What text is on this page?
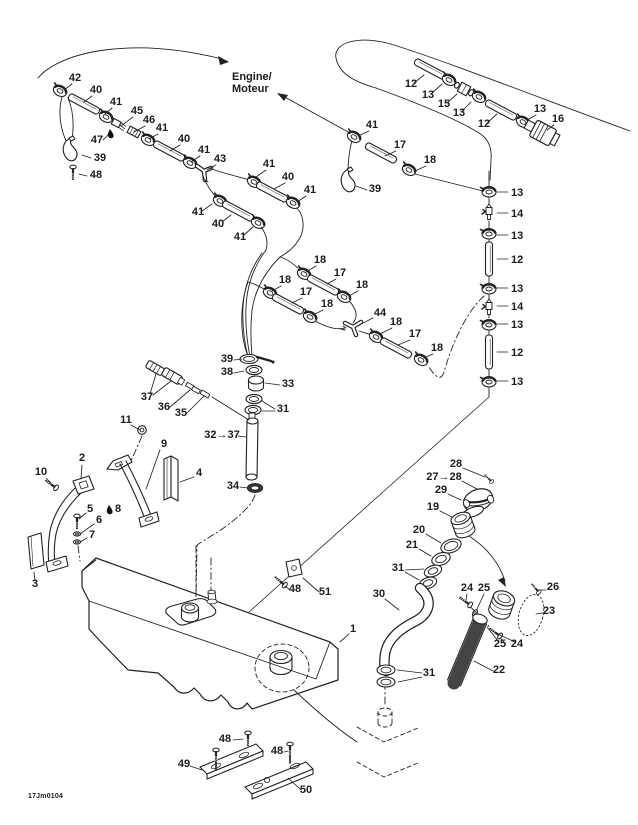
42
40
41
45
46
41
40
41
43
47
39
48
Engine/
Moteur
41
40
41
41
40
41
12
13
15
13
12
13
16
41
17
18
39	13
14
13
12
13
14
13
12
13
18
17
18
18
17
18
44
18
17
18
39
38
33
31
37
36 35
32→37
34
11
9
10
2
4
5 8
6
7
3
1
48 51
28
27→28
29
19
20
21
31
30	24 25	26
23
25 24
22
31
48
49
48
50
17Jm0104
